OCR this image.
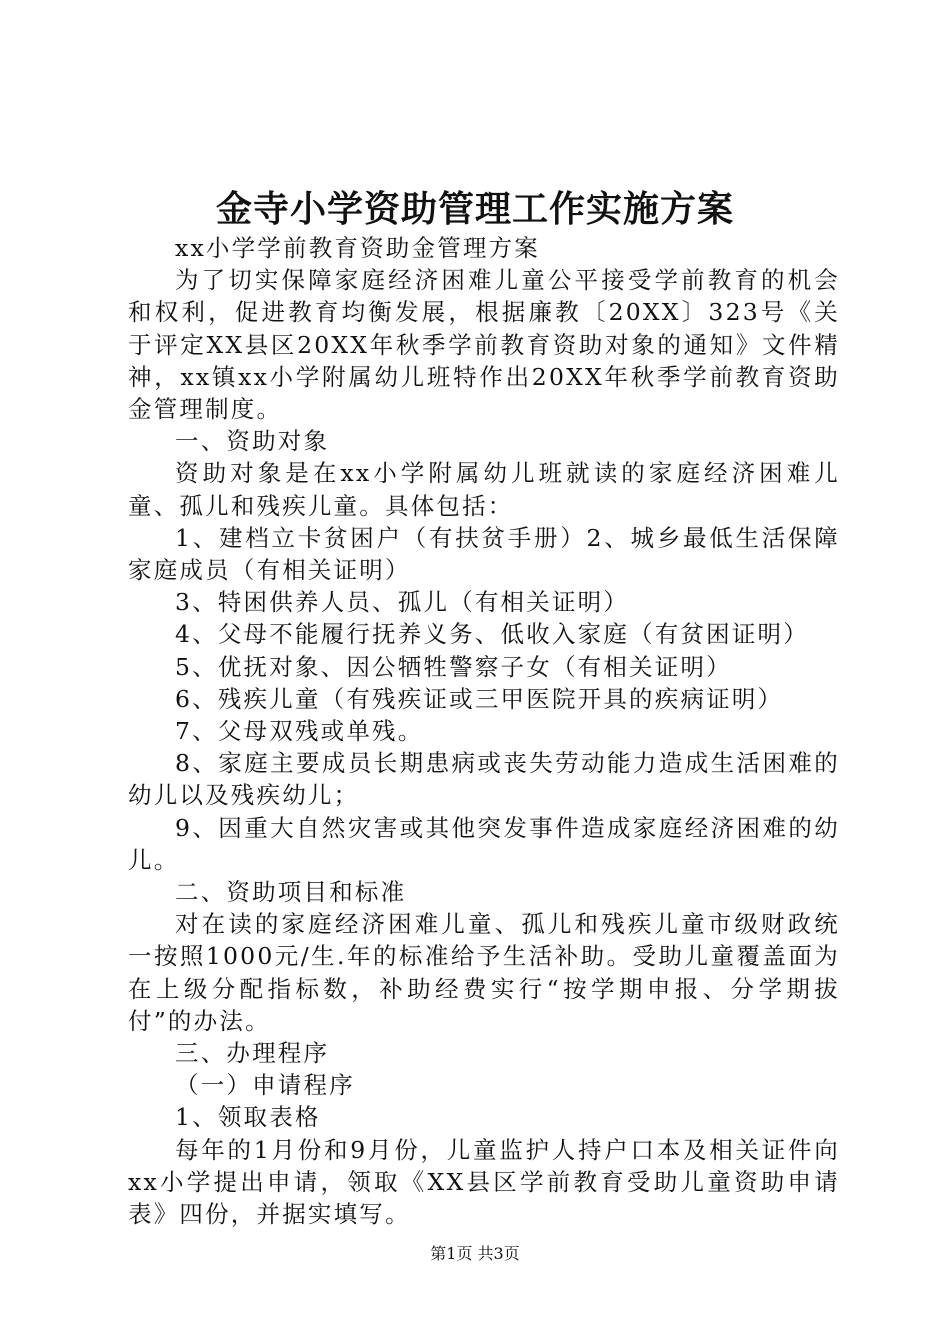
金寺小学资助管理工作实施方案

xx小学学前教育资助金管理方案

为了切实保障家庭经济困难儿童公平接受学前教育的机会和权利，促进教育均衡发展，根据廉教〔20XX〕323号《关于评定XX县区20XX年秋季学前教育资助对象的通知》文件精神，xx镇xx小学附属幼儿班特作出20XX年秋季学前教育资助金管理制度。

一、资助对象

资助对象是在xx小学附属幼儿班就读的家庭经济困难儿童、孤儿和残疾儿童。具体包括：

1、建档立卡贫困户（有扶贫手册）2、城乡最低生活保障家庭成员（有相关证明）

3、特困供养人员、孤儿（有相关证明）

4、父母不能履行抚养义务、低收入家庭（有贫困证明）

5、优抚对象、因公牺牲警察子女（有相关证明）

6、残疾儿童（有残疾证或三甲医院开具的疾病证明）

7、父母双残或单残。

8、家庭主要成员长期患病或丧失劳动能力造成生活困难的幼儿以及残疾幼儿；

9、因重大自然灾害或其他突发事件造成家庭经济困难的幼儿。

二、资助项目和标准

对在读的家庭经济困难儿童、孤儿和残疾儿童市级财政统一按照1000元/生.年的标准给予生活补助。受助儿童覆盖面为在上级分配指标数，补助经费实行“按学期申报、分学期拔付”的办法。

三、办理程序

（一）申请程序

1、领取表格

每年的1月份和9月份，儿童监护人持户口本及相关证件向xx小学提出申请，领取《XX县区学前教育受助儿童资助申请表》四份，并据实填写。

第1页 共3页
